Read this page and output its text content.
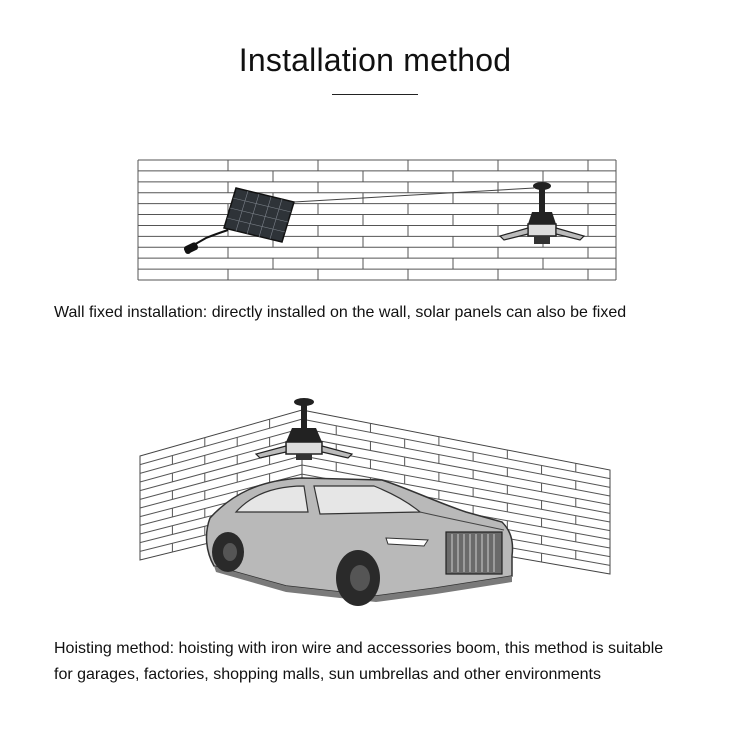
Installation method
Wall fixed installation: directly installed on the wall, solar panels can also be fixed
Hoisting method: hoisting with iron wire and accessories boom, this method is suitable
for garages, factories, shopping malls, sun umbrellas and other environments
